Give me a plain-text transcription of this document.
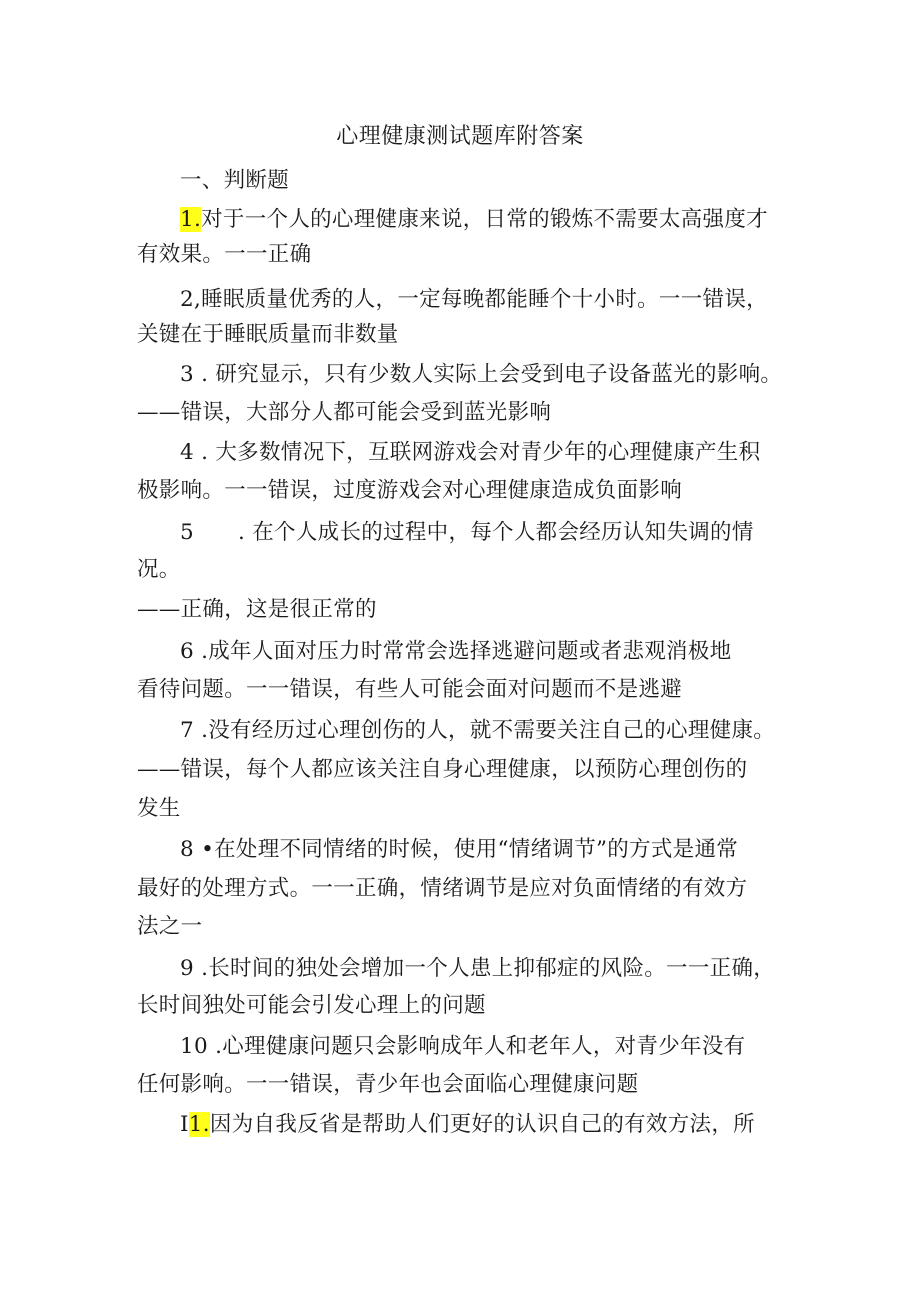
心理健康测试题库附答案
一、判断题
1.对于一个人的心理健康来说，日常的锻炼不需要太高强度才
有效果。一一正确
2,睡眠质量优秀的人，一定每晚都能睡个十小时。一一错误，
关键在于睡眠质量而非数量
3 . 研究显示，只有少数人实际上会受到电子设备蓝光的影响。
——错误，大部分人都可能会受到蓝光影响
4 . 大多数情况下，互联网游戏会对青少年的心理健康产生积
极影响。一一错误，过度游戏会对心理健康造成负面影响
5 . 在个人成长的过程中，每个人都会经历认知失调的情
况。
——正确，这是很正常的
6 .成年人面对压力时常常会选择逃避问题或者悲观消极地
看待问题。一一错误，有些人可能会面对问题而不是逃避
7 .没有经历过心理创伤的人，就不需要关注自己的心理健康。
——错误，每个人都应该关注自身心理健康，以预防心理创伤的
发生
8 •在处理不同情绪的时候，使用“情绪调节”的方式是通常
最好的处理方式。一一正确，情绪调节是应对负面情绪的有效方
法之一
9 .长时间的独处会增加一个人患上抑郁症的风险。一一正确，
长时间独处可能会引发心理上的问题
10 .心理健康问题只会影响成年人和老年人，对青少年没有
任何影响。一一错误，青少年也会面临心理健康问题
I1.因为自我反省是帮助人们更好的认识自己的有效方法，所
